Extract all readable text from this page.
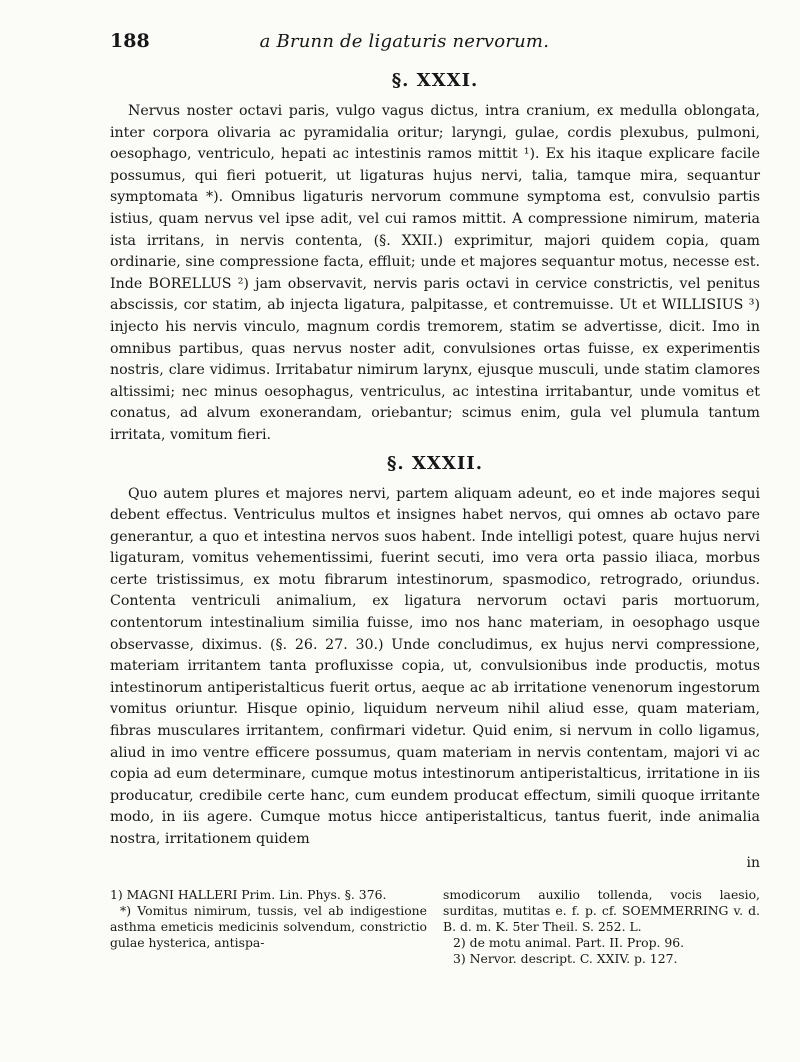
188	a Brunn de ligaturis nervorum.
§. XXXI.

Nervus noster octavi paris, vulgo vagus dictus, intra cranium, ex medulla oblongata, inter corpora olivaria ac pyramidalia oritur; laryngi, gulae, cordis plexubus, pulmoni, oesophago, ventriculo, hepati ac intestinis ramos mittit ¹). Ex his itaque explicare facile possumus, qui fieri potuerit, ut ligaturas hujus nervi, talia, tamque mira, sequantur symptomata *). Omnibus ligaturis nervorum commune symptoma est, convulsio partis istius, quam nervus vel ipse adit, vel cui ramos mittit. A compressione nimirum, materia ista irritans, in nervis contenta, (§. XXII.) exprimitur, majori quidem copia, quam ordinarie, sine compressione facta, effluit; unde et majores sequantur motus, necesse est. Inde BORELLUS ²) jam observavit, nervis paris octavi in cervice constrictis, vel penitus abscissis, cor statim, ab injecta ligatura, palpitasse, et contremuisse. Ut et WILLISIUS ³) injecto his nervis vinculo, magnum cordis tremorem, statim se advertisse, dicit. Imo in omnibus partibus, quas nervus noster adit, convulsiones ortas fuisse, ex experimentis nostris, clare vidimus. Irritabatur nimirum larynx, ejusque musculi, unde statim clamores altissimi; nec minus oesophagus, ventriculus, ac intestina irritabantur, unde vomitus et conatus, ad alvum exonerandam, oriebantur; scimus enim, gula vel plumula tantum irritata, vomitum fieri.

§. XXXII.

Quo autem plures et majores nervi, partem aliquam adeunt, eo et inde majores sequi debent effectus. Ventriculus multos et insignes habet nervos, qui omnes ab octavo pare generantur, a quo et intestina nervos suos habent. Inde intelligi potest, quare hujus nervi ligaturam, vomitus vehementissimi, fuerint secuti, imo vera orta passio iliaca, morbus certe tristissimus, ex motu fibrarum intestinorum, spasmodico, retrogrado, oriundus. Contenta ventriculi animalium, ex ligatura nervorum octavi paris mortuorum, contentorum intestinalium similia fuisse, imo nos hanc materiam, in oesophago usque observasse, diximus. (§. 26. 27. 30.) Unde concludimus, ex hujus nervi compressione, materiam irritantem tanta profluxisse copia, ut, convulsionibus inde productis, motus intestinorum antiperistalticus fuerit ortus, aeque ac ab irritatione venenorum ingestorum vomitus oriuntur. Hisque opinio, liquidum nerveum nihil aliud esse, quam materiam, fibras musculares irritantem, confirmari videtur. Quid enim, si nervum in collo ligamus, aliud in imo ventre efficere possumus, quam materiam in nervis contentam, majori vi ac copia ad eum determinare, cumque motus intestinorum antiperistalticus, irritatione in iis producatur, credibile certe hanc, cum eundem producat effectum, simili quoque irritante modo, in iis agere. Cumque motus hicce antiperistalticus, tantus fuerit, inde animalia nostra, irritationem quidem

in

1) MAGNI HALLERI Prim. Lin. Phys. §. 376.

*) Vomitus nimirum, tussis, vel ab indigestione asthma emeticis medicinis solvendum, constrictio gulae hysterica, antispa-

smodicorum auxilio tollenda, vocis laesio, surditas, mutitas e. f. p. cf. SOEMMERRING v. d. B. d. m. K. 5ter Theil. S. 252. L.

2) de motu animal. Part. II. Prop. 96.

3) Nervor. descript. C. XXIV. p. 127.
